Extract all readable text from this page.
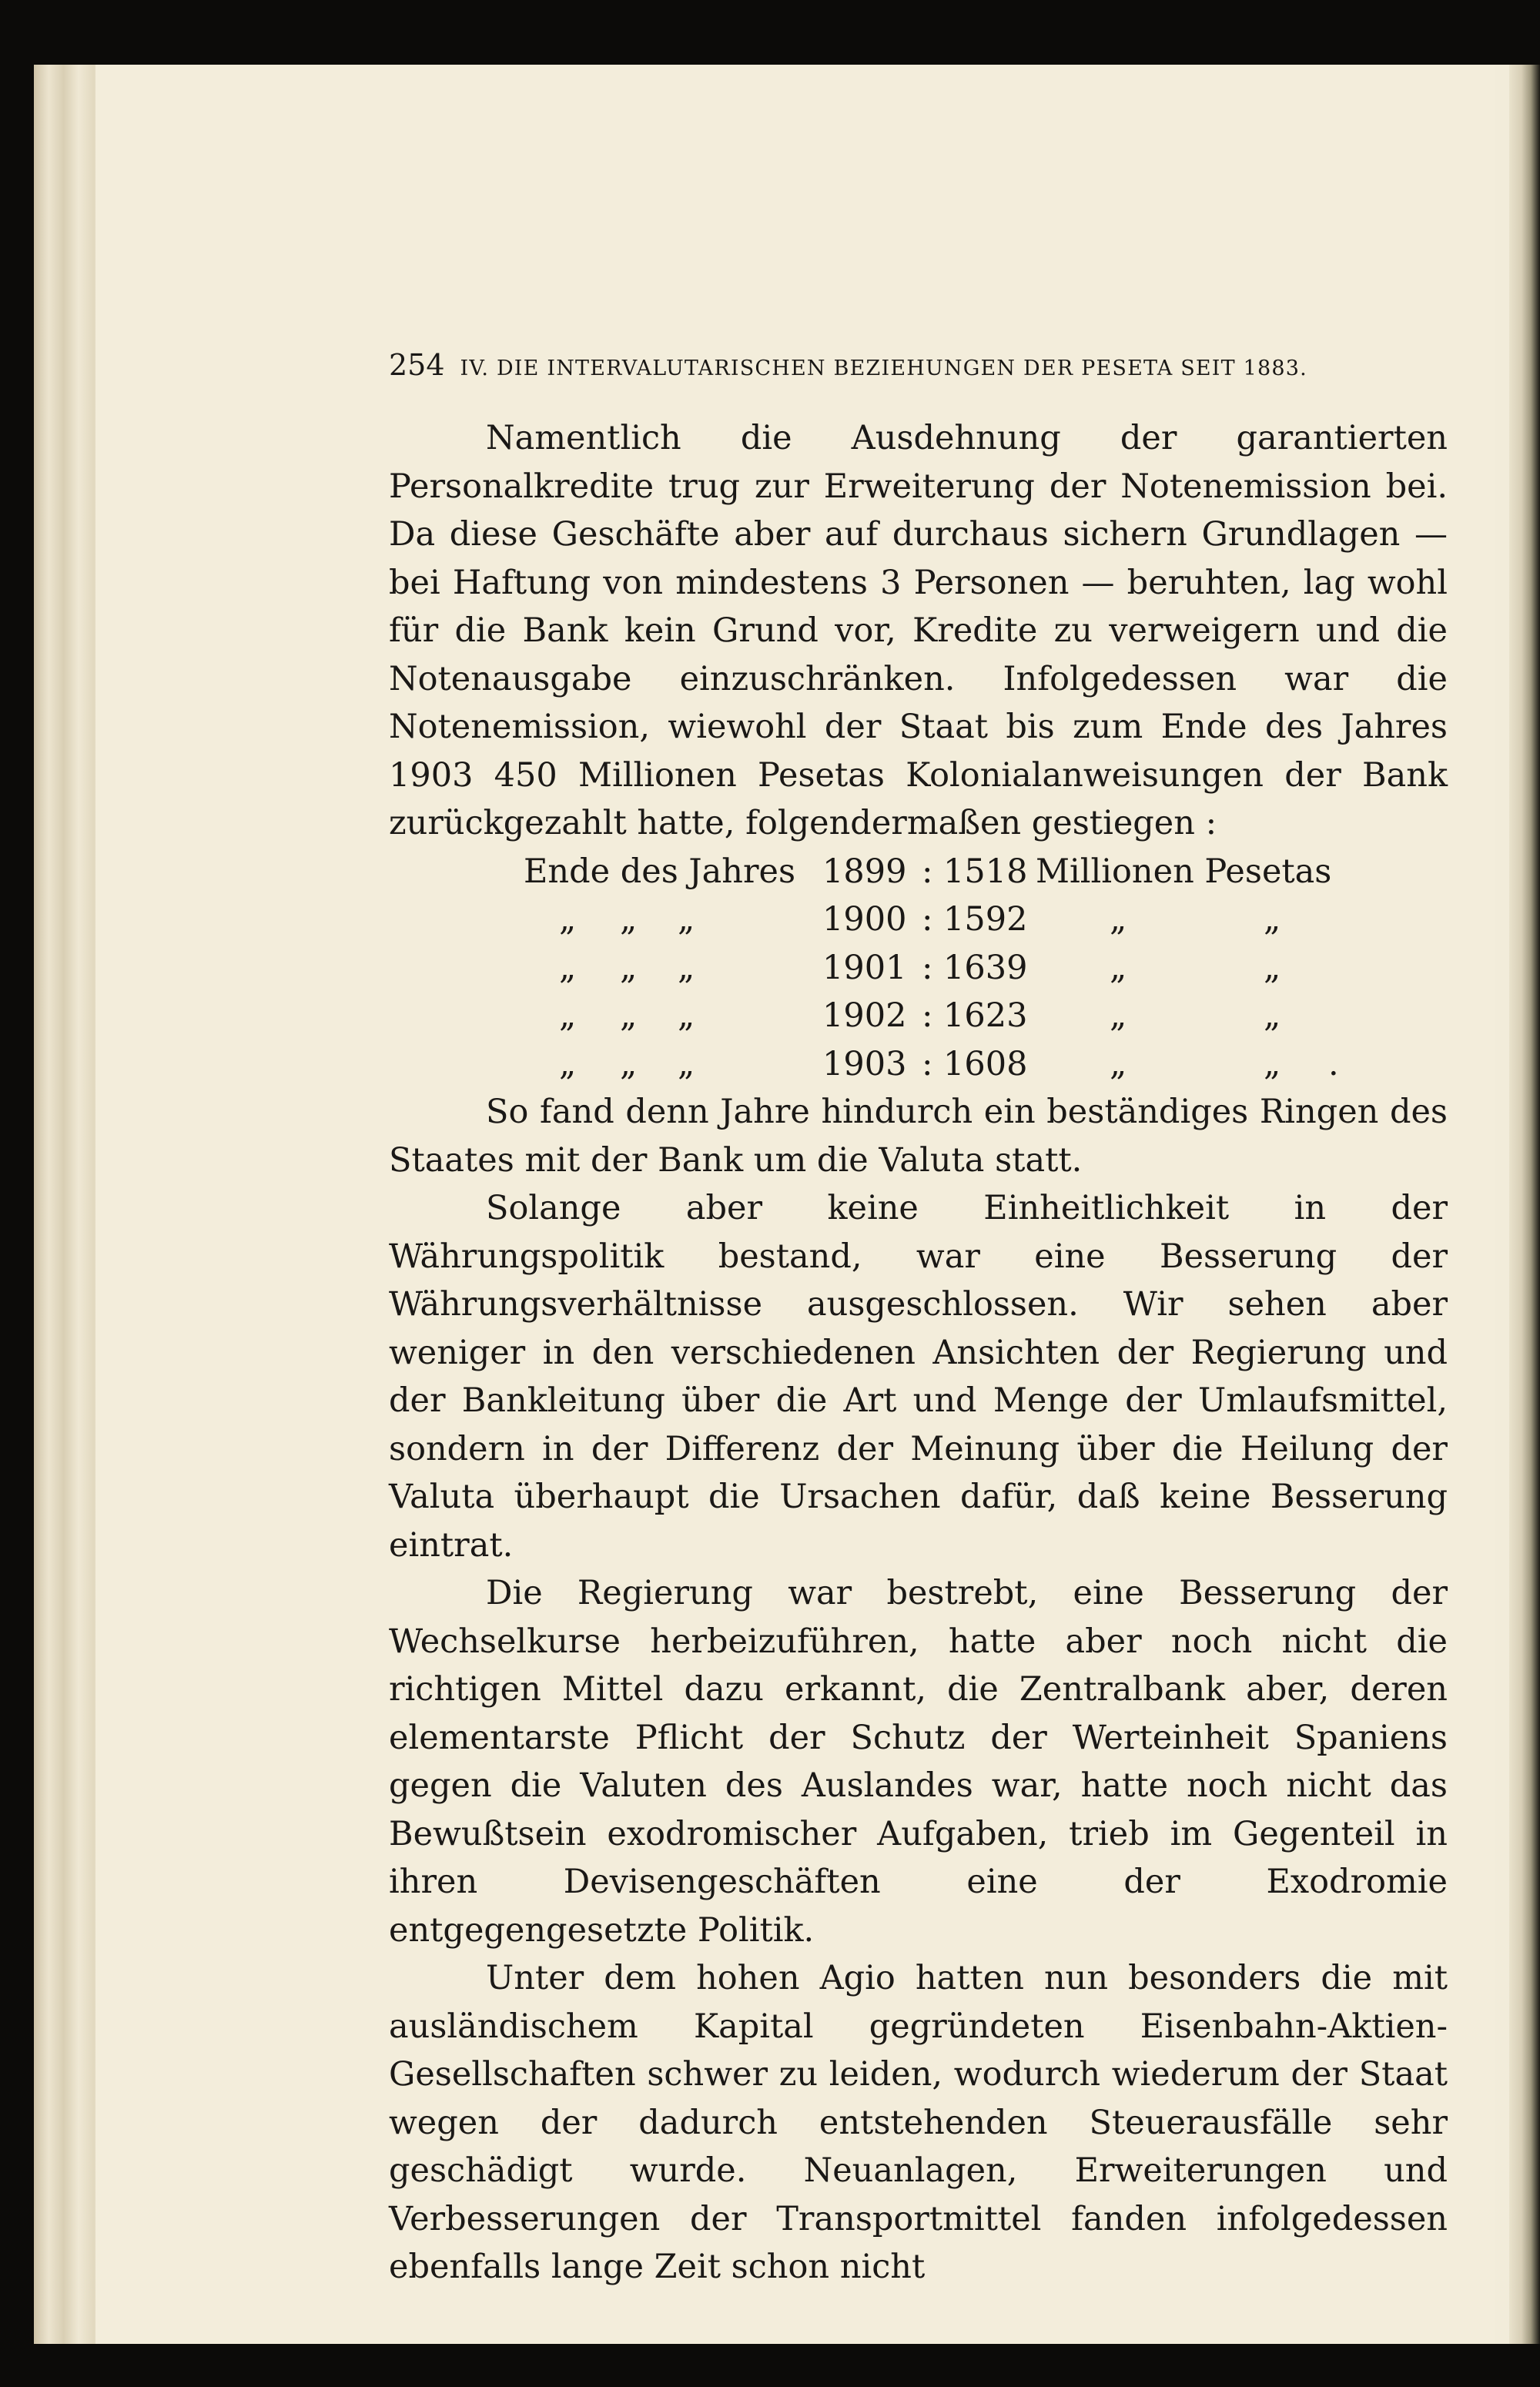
254 IV. DIE INTERVALUTARISCHEN BEZIEHUNGEN DER PESETA SEIT 1883.

Namentlich die Ausdehnung der garantierten Personalkredite trug zur Erweiterung der Notenemission bei. Da diese Geschäfte aber auf durchaus sichern Grundlagen — bei Haftung von mindestens 3 Personen — beruhten, lag wohl für die Bank kein Grund vor, Kredite zu verweigern und die Notenausgabe einzuschränken. Infolgedessen war die Notenemission, wiewohl der Staat bis zum Ende des Jahres 1903 450 Millionen Pesetas Kolonialanweisungen der Bank zurückgezahlt hatte, folgendermaßen gestiegen :

Ende des Jahres 1899 : 1518 Millionen Pesetas
„ „ „	1900 : 1592 „	„
„ „ „	1901 : 1639 „	„
„ „ „	1902 : 1623 „	„
„ „ „	1903 : 1608 „	„ .

So fand denn Jahre hindurch ein beständiges Ringen des Staates mit der Bank um die Valuta statt.

Solange aber keine Einheitlichkeit in der Währungspolitik bestand, war eine Besserung der Währungsverhältnisse ausgeschlossen. Wir sehen aber weniger in den verschiedenen Ansichten der Regierung und der Bankleitung über die Art und Menge der Umlaufsmittel, sondern in der Differenz der Meinung über die Heilung der Valuta überhaupt die Ursachen dafür, daß keine Besserung eintrat.

Die Regierung war bestrebt, eine Besserung der Wechselkurse herbeizuführen, hatte aber noch nicht die richtigen Mittel dazu erkannt, die Zentralbank aber, deren elementarste Pflicht der Schutz der Werteinheit Spaniens gegen die Valuten des Auslandes war, hatte noch nicht das Bewußtsein exodromischer Aufgaben, trieb im Gegenteil in ihren Devisengeschäften eine der Exodromie entgegengesetzte Politik.

Unter dem hohen Agio hatten nun besonders die mit ausländischem Kapital gegründeten Eisenbahn-Aktien-Gesellschaften schwer zu leiden, wodurch wiederum der Staat wegen der dadurch entstehenden Steuerausfälle sehr geschädigt wurde. Neuanlagen, Erweiterungen und Verbesserungen der Transportmittel fanden infolgedessen ebenfalls lange Zeit schon nicht
